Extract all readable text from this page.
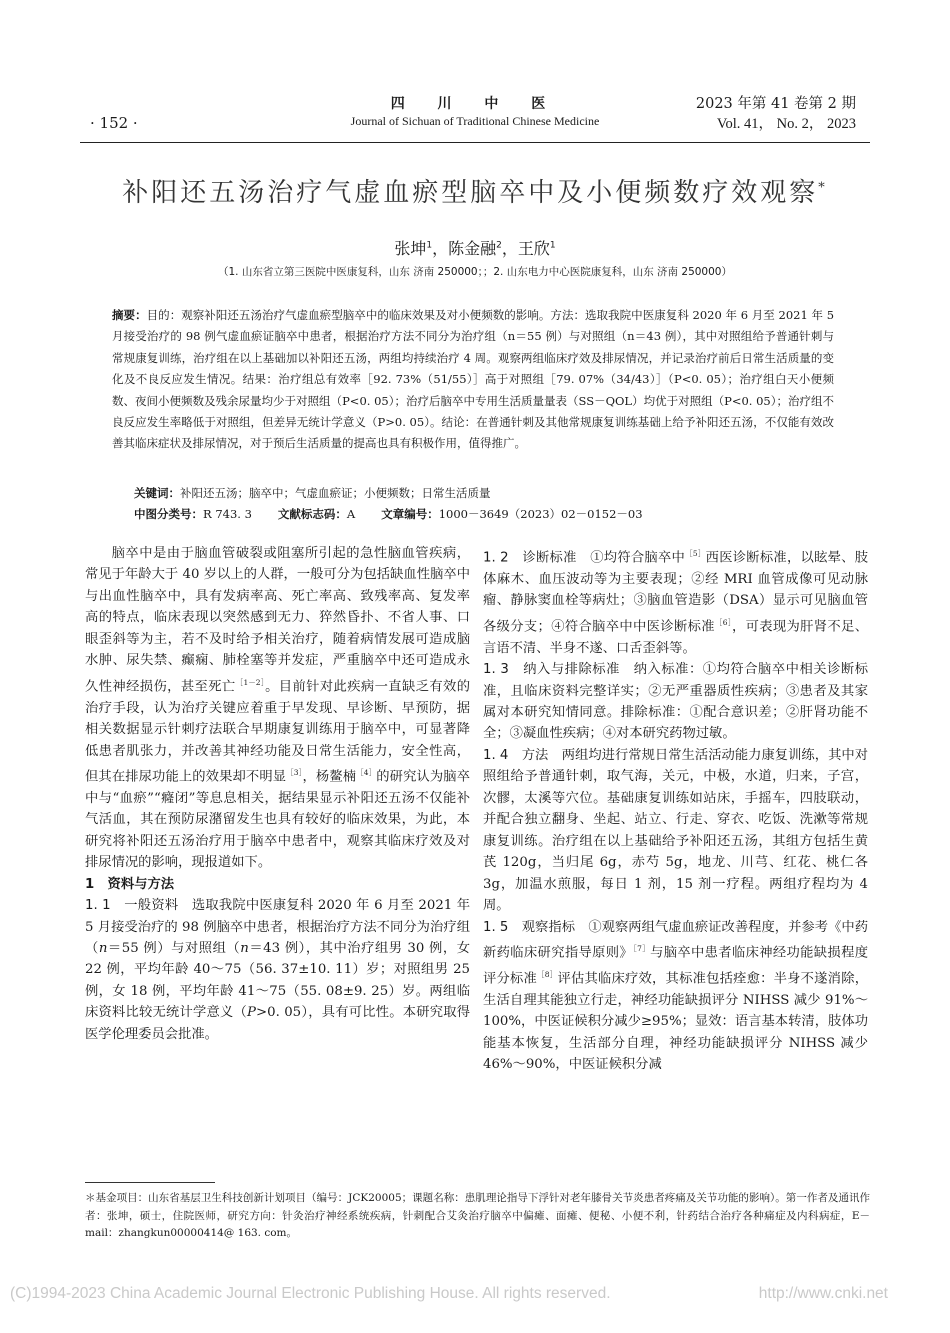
· 152 ·
四 川 中 医
Journal of Sichuan of Traditional Chinese Medicine
2023 年第 41 卷第 2 期
Vol. 41， No. 2， 2023
补阳还五汤治疗气虚血瘀型脑卒中及小便频数疗效观察*
张坤$^1$，陈金融$^2$，王欣$^1$
（1. 山东省立第三医院中医康复科，山东 济南 250000；；2. 山东电力中心医院康复科，山东 济南 250000）
摘要：目的：观察补阳还五汤治疗气虚血瘀型脑卒中的临床效果及对小便频数的影响。方法：选取我院中医康复科 2020 年 6 月至 2021 年 5 月接受治疗的 98 例气虚血瘀证脑卒中患者，根据治疗方法不同分为治疗组（n＝55 例）与对照组（n＝43 例），其中对照组给予普通针刺与常规康复训练，治疗组在以上基础加以补阳还五汤，两组均持续治疗 4 周。观察两组临床疗效及排尿情况，并记录治疗前后日常生活质量的变化及不良反应发生情况。结果：治疗组总有效率［92. 73%（51/55）］高于对照组［79. 07%（34/43）］（P<0. 05）；治疗组白天小便频数、夜间小便频数及残余尿量均少于对照组（P<0. 05）；治疗后脑卒中专用生活质量量表（SS－QOL）均优于对照组（P<0. 05）；治疗组不良反应发生率略低于对照组，但差异无统计学意义（P>0. 05）。结论：在普通针刺及其他常规康复训练基础上给予补阳还五汤，不仅能有效改善其临床症状及排尿情况，对于预后生活质量的提高也具有积极作用，值得推广。
关键词：补阳还五汤；脑卒中；气虚血瘀证；小便频数；日常生活质量
中图分类号：R 743. 3 文献标志码：A 文章编号：1000－3649（2023）02－0152－03

脑卒中是由于脑血管破裂或阻塞所引起的急性脑血管疾病，常见于年龄大于 40 岁以上的人群，一般可分为包括缺血性脑卒中与出血性脑卒中，具有发病率高、死亡率高、致残率高、复发率高的特点，临床表现以突然感到无力、猝然昏扑、不省人事、口眼歪斜等为主，若不及时给予相关治疗，随着病情发展可造成脑水肿、尿失禁、癫痫、肺栓塞等并发症，严重脑卒中还可造成永久性神经损伤，甚至死亡$^{[1-2]}$。目前针对此疾病一直缺乏有效的治疗手段，认为治疗关键应着重于早发现、早诊断、早预防，据相关数据显示针刺疗法联合早期康复训练用于脑卒中，可显著降低患者肌张力，并改善其神经功能及日常生活能力，安全性高，但其在排尿功能上的效果却不明显$^{[3]}$，杨鳌楠$^{[4]}$的研究认为脑卒中与“血瘀”“癃闭”等息息相关，据结果显示补阳还五汤不仅能补气活血，其在预防尿潴留发生也具有较好的临床效果，为此，本研究将补阳还五汤治疗用于脑卒中患者中，观察其临床疗效及对排尿情况的影响，现报道如下。

1　资料与方法

1. 1　一般资料　选取我院中医康复科 2020 年 6 月至 2021 年 5 月接受治疗的 98 例脑卒中患者，根据治疗方法不同分为治疗组（n＝55 例）与对照组（n＝43 例），其中治疗组男 30 例，女 22 例，平均年龄 40～75（56. 37±10. 11）岁；对照组男 25 例，女 18 例，平均年龄 41～75（55. 08±9. 25）岁。两组临床资料比较无统计学意义（P>0. 05），具有可比性。本研究取得医学伦理委员会批准。

1. 2　诊断标准　①均符合脑卒中$^{[5]}$西医诊断标准，以眩晕、肢体麻木、血压波动等为主要表现；②经 MRI 血管成像可见动脉瘤、静脉窦血栓等病灶；③脑血管造影（DSA）显示可见脑血管各级分支；④符合脑卒中中医诊断标准$^{[6]}$，可表现为肝肾不足、言语不清、半身不遂、口舌歪斜等。

1. 3　纳入与排除标准　纳入标准：①均符合脑卒中相关诊断标准，且临床资料完整详实；②无严重器质性疾病；③患者及其家属对本研究知情同意。排除标准：①配合意识差；②肝肾功能不全；③凝血性疾病；④对本研究药物过敏。

1. 4　方法　两组均进行常规日常生活活动能力康复训练，其中对照组给予普通针刺，取气海，关元，中极，水道，归来，子宫，次髎，太溪等穴位。基础康复训练如站床，手摇车，四肢联动，并配合独立翻身、坐起、站立、行走、穿衣、吃饭、洗漱等常规康复训练。治疗组在以上基础给予补阳还五汤，其组方包括生黄芪 120g，当归尾 6g，赤芍 5g，地龙、川芎、红花、桃仁各 3g，加温水煎服，每日 1 剂，15 剂一疗程。两组疗程均为 4 周。

1. 5　观察指标　①观察两组气虚血瘀证改善程度，并参考《中药新药临床研究指导原则》$^{[7]}$与脑卒中患者临床神经功能缺损程度评分标准$^{[8]}$评估其临床疗效，其标准包括痊愈：半身不遂消除，生活自理其能独立行走，神经功能缺损评分 NIHSS 减少 91%～100%，中医证候积分减少≥95%；显效：语言基本转清，肢体功能基本恢复，生活部分自理，神经功能缺损评分 NIHSS 减少 46%～90%，中医证候积分减

＊基金项目：山东省基层卫生科技创新计划项目（编号：JCK20005；课题名称：患肌理论指导下浮针对老年膝骨关节炎患者疼痛及关节功能的影响）。第一作者及通讯作者：张坤，硕士，住院医师，研究方向：针灸治疗神经系统疾病，针刺配合艾灸治疗脑卒中偏瘫、面瘫、便秘、小便不利，针药结合治疗各种痛症及内科病症，E－mail：zhangkun00000414@ 163. com。
(C)1994-2023 China Academic Journal Electronic Publishing House. All rights reserved.	http://www.cnki.net
